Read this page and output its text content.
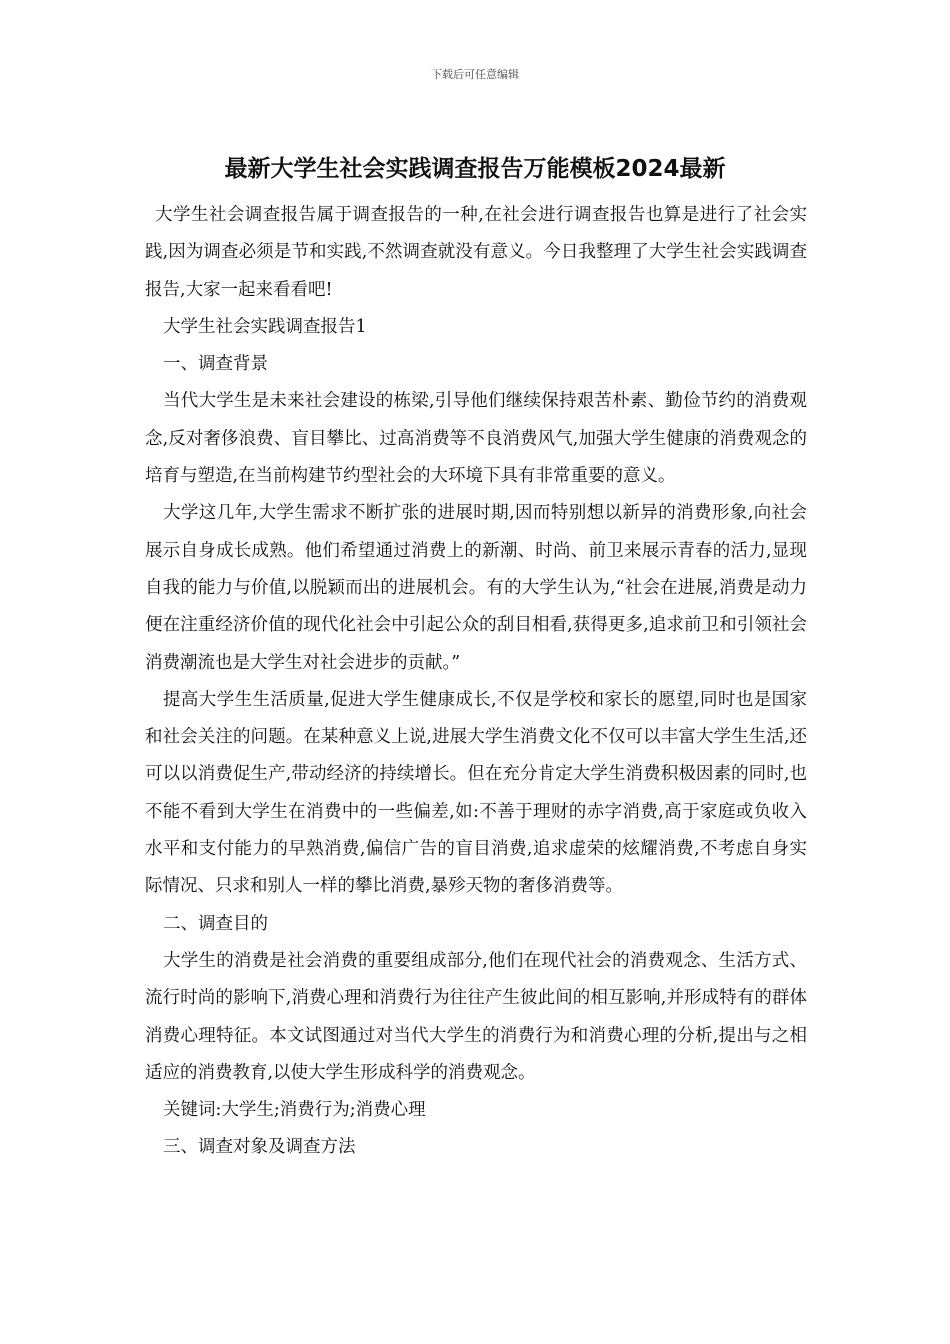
下载后可任意编辑
最新大学生社会实践调查报告万能模板2024最新

大学生社会调查报告属于调查报告的一种,在社会进行调查报告也算是进行了社会实践,因为调查必须是节和实践,不然调查就没有意义。今日我整理了大学生社会实践调查报告,大家一起来看看吧!

大学生社会实践调查报告1

一、调查背景

当代大学生是未来社会建设的栋梁,引导他们继续保持艰苦朴素、勤俭节约的消费观念,反对奢侈浪费、盲目攀比、过高消费等不良消费风气,加强大学生健康的消费观念的培育与塑造,在当前构建节约型社会的大环境下具有非常重要的意义。

大学这几年,大学生需求不断扩张的进展时期,因而特别想以新异的消费形象,向社会展示自身成长成熟。他们希望通过消费上的新潮、时尚、前卫来展示青春的活力,显现自我的能力与价值,以脱颖而出的进展机会。有的大学生认为,“社会在进展,消费是动力便在注重经济价值的现代化社会中引起公众的刮目相看,获得更多,追求前卫和引领社会消费潮流也是大学生对社会进步的贡献。”

提高大学生生活质量,促进大学生健康成长,不仅是学校和家长的愿望,同时也是国家和社会关注的问题。在某种意义上说,进展大学生消费文化不仅可以丰富大学生生活,还可以以消费促生产,带动经济的持续增长。但在充分肯定大学生消费积极因素的同时,也不能不看到大学生在消费中的一些偏差,如:不善于理财的赤字消费,高于家庭或负收入水平和支付能力的早熟消费,偏信广告的盲目消费,追求虚荣的炫耀消费,不考虑自身实际情况、只求和别人一样的攀比消费,暴殄天物的奢侈消费等。

二、调查目的

大学生的消费是社会消费的重要组成部分,他们在现代社会的消费观念、生活方式、流行时尚的影响下,消费心理和消费行为往往产生彼此间的相互影响,并形成特有的群体消费心理特征。本文试图通过对当代大学生的消费行为和消费心理的分析,提出与之相适应的消费教育,以使大学生形成科学的消费观念。

关键词:大学生;消费行为;消费心理

三、调查对象及调查方法
